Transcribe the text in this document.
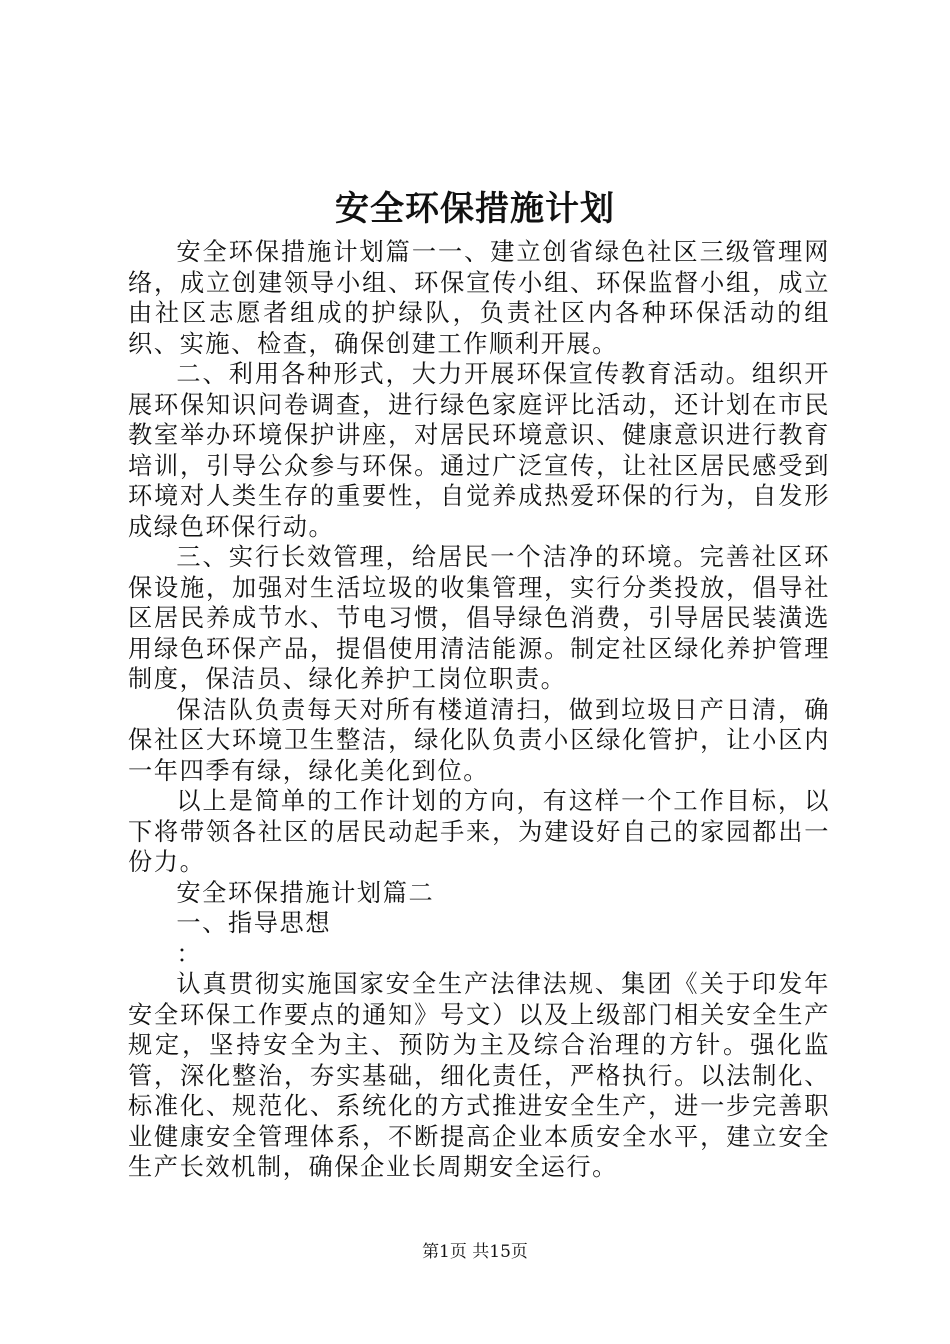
安全环保措施计划

安全环保措施计划篇一一、建立创省绿色社区三级管理网络，成立创建领导小组、环保宣传小组、环保监督小组，成立由社区志愿者组成的护绿队，负责社区内各种环保活动的组织、实施、检查，确保创建工作顺利开展。

二、利用各种形式，大力开展环保宣传教育活动。组织开展环保知识问卷调查，进行绿色家庭评比活动，还计划在市民教室举办环境保护讲座，对居民环境意识、健康意识进行教育培训，引导公众参与环保。通过广泛宣传，让社区居民感受到环境对人类生存的重要性，自觉养成热爱环保的行为，自发形成绿色环保行动。

三、实行长效管理，给居民一个洁净的环境。完善社区环保设施，加强对生活垃圾的收集管理，实行分类投放，倡导社区居民养成节水、节电习惯，倡导绿色消费，引导居民装潢选用绿色环保产品，提倡使用清洁能源。制定社区绿化养护管理制度，保洁员、绿化养护工岗位职责。

保洁队负责每天对所有楼道清扫，做到垃圾日产日清，确保社区大环境卫生整洁，绿化队负责小区绿化管护，让小区内一年四季有绿，绿化美化到位。

以上是简单的工作计划的方向，有这样一个工作目标，以下将带领各社区的居民动起手来，为建设好自己的家园都出一份力。

安全环保措施计划篇二

一、指导思想

：

认真贯彻实施国家安全生产法律法规、集团《关于印发年安全环保工作要点的通知》号文）以及上级部门相关安全生产规定，坚持安全为主、预防为主及综合治理的方针。强化监管，深化整治，夯实基础，细化责任，严格执行。以法制化、标准化、规范化、系统化的方式推进安全生产，进一步完善职业健康安全管理体系，不断提高企业本质安全水平，建立安全生产长效机制，确保企业长周期安全运行。

第1页 共15页
